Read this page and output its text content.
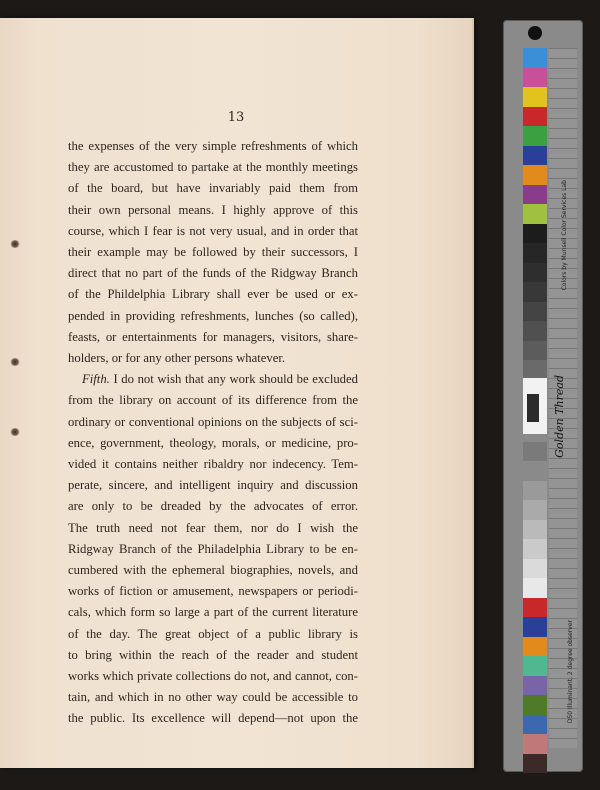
13

the expenses of the very simple refreshments of which
they are accustomed to partake at the monthly meetings
of the board, but have invariably paid them from
their own personal means. I highly approve of this
course, which I fear is not very usual, and in order that
their example may be followed by their successors, I
direct that no part of the funds of the Ridgway Branch
of the Phildelphia Library shall ever be used or ex-
pended in providing refreshments, lunches (so called),
feasts, or entertainments for managers, visitors, share-
holders, or for any other persons whatever.

Fifth. I do not wish that any work should be excluded
from the library on account of its difference from the
ordinary or conventional opinions on the subjects of sci-
ence, government, theology, morals, or medicine, pro-
vided it contains neither ribaldry nor indecency. Tem-
perate, sincere, and intelligent inquiry and discussion
are only to be dreaded by the advocates of error.
The truth need not fear them, nor do I wish the
Ridgway Branch of the Philadelphia Library to be en-
cumbered with the ephemeral biographies, novels, and
works of fiction or amusement, newspapers or periodi-
cals, which form so large a part of the current literature
of the day. The great object of a public library is
to bring within the reach of the reader and student
works which private collections do not, and cannot, con-
tain, and which in no other way could be accessible to
the public. Its excellence will depend—not upon the

Golden Thread
Colors by Munsell Color Services Lab
D50 Illuminant, 2 degree observer
